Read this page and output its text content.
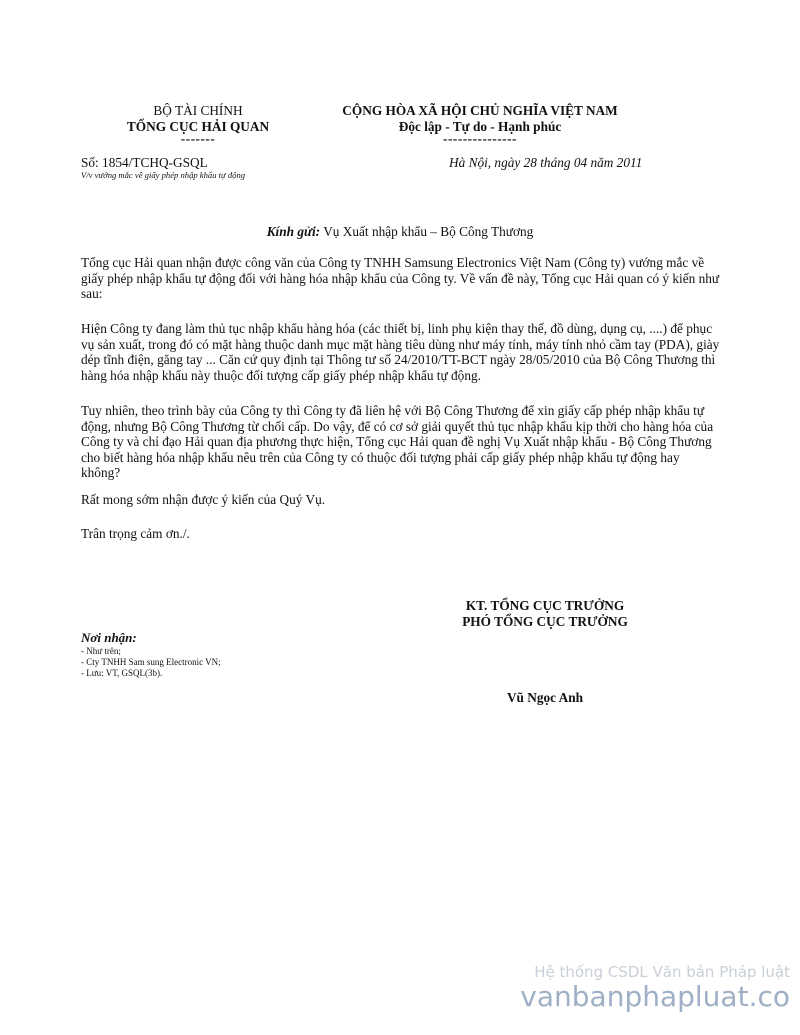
BỘ TÀI CHÍNH
TỔNG CỤC HẢI QUAN
-------
CỘNG HÒA XÃ HỘI CHỦ NGHĨA VIỆT NAM
Độc lập - Tự do - Hạnh phúc
---------------
Số: 1854/TCHQ-GSQL
V/v vướng mắc về giấy phép nhập khẩu tự động
Hà Nội, ngày 28 tháng 04 năm 2011
Kính gửi: Vụ Xuất nhập khẩu – Bộ Công Thương

Tổng cục Hải quan nhận được công văn của Công ty TNHH Samsung Electronics Việt Nam (Công ty) vướng mắc về giấy phép nhập khẩu tự động đối với hàng hóa nhập khẩu của Công ty. Về vấn đề này, Tổng cục Hải quan có ý kiến như sau:

Hiện Công ty đang làm thủ tục nhập khẩu hàng hóa (các thiết bị, linh phụ kiện thay thế, đồ dùng, dụng cụ, ....) để phục vụ sản xuất, trong đó có mặt hàng thuộc danh mục mặt hàng tiêu dùng như máy tính, máy tính nhỏ cầm tay (PDA), giày dép tĩnh điện, găng tay ... Căn cứ quy định tại Thông tư số 24/2010/TT-BCT ngày 28/05/2010 của Bộ Công Thương thì hàng hóa nhập khẩu này thuộc đối tượng cấp giấy phép nhập khẩu tự động.

Tuy nhiên, theo trình bày của Công ty thì Công ty đã liên hệ với Bộ Công Thương để xin giấy cấp phép nhập khẩu tự động, nhưng Bộ Công Thương từ chối cấp. Do vậy, để có cơ sở giải quyết thủ tục nhập khẩu kịp thời cho hàng hóa của Công ty và chỉ đạo Hải quan địa phương thực hiện, Tổng cục Hải quan đề nghị Vụ Xuất nhập khẩu - Bộ Công Thương cho biết hàng hóa nhập khẩu nêu trên của Công ty có thuộc đối tượng phải cấp giấy phép nhập khẩu tự động hay không?

Rất mong sớm nhận được ý kiến của Quý Vụ.

Trân trọng cảm ơn./.

KT. TỔNG CỤC TRƯỞNG
PHÓ TỔNG CỤC TRƯỞNG
Vũ Ngọc Anh
Nơi nhận:
- Như trên;
- Cty TNHH Sam sung Electronic VN;
- Lưu: VT, GSQL(3b).
Hệ thống CSDL Văn bản Pháp luật
vanbanphapluat.co
